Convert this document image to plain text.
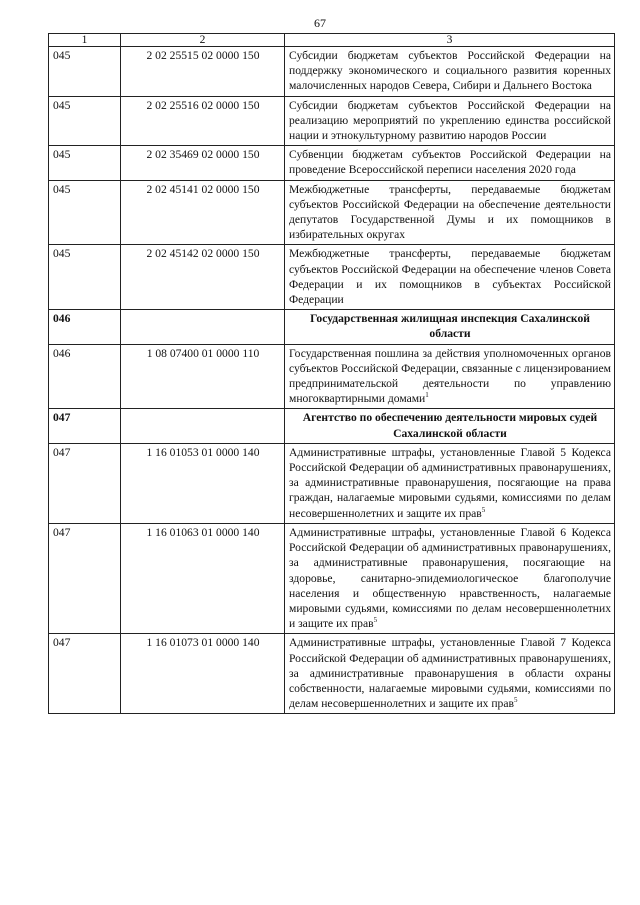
67
1	2	3
045	2 02 25515 02 0000 150	Субсидии бюджетам субъектов Российской Федерации на поддержку экономического и социального развития коренных малочисленных народов Севера, Сибири и Дальнего Востока
045	2 02 25516 02 0000 150	Субсидии бюджетам субъектов Российской Федерации на реализацию мероприятий по укреплению единства российской нации и этнокультурному развитию народов России
045	2 02 35469 02 0000 150	Субвенции бюджетам субъектов Российской Федерации на проведение Всероссийской переписи населения 2020 года
045	2 02 45141 02 0000 150	Межбюджетные трансферты, передаваемые бюджетам субъектов Российской Федерации на обеспечение деятельности депутатов Государственной Думы и их помощников в избирательных округах
045	2 02 45142 02 0000 150	Межбюджетные трансферты, передаваемые бюджетам субъектов Российской Федерации на обеспечение членов Совета Федерации и их помощников в субъектах Российской Федерации
046		Государственная жилищная инспекция Сахалинской области
046	1 08 07400 01 0000 110	Государственная пошлина за действия уполномоченных органов субъектов Российской Федерации, связанные с лицензированием предпринимательской деятельности по управлению многоквартирными домами$^1$
047		Агентство по обеспечению деятельности мировых судей Сахалинской области
047	1 16 01053 01 0000 140	Административные штрафы, установленные Главой 5 Кодекса Российской Федерации об административных правонарушениях, за административные правонарушения, посягающие на права граждан, налагаемые мировыми судьями, комиссиями по делам несовершеннолетних и защите их прав$^5$
047	1 16 01063 01 0000 140	Административные штрафы, установленные Главой 6 Кодекса Российской Федерации об административных правонарушениях, за административные правонарушения, посягающие на здоровье, санитарно-эпидемиологическое благополучие населения и общественную нравственность, налагаемые мировыми судьями, комиссиями по делам несовершеннолетних и защите их прав$^5$
047	1 16 01073 01 0000 140	Административные штрафы, установленные Главой 7 Кодекса Российской Федерации об административных правонарушениях, за административные правонарушения в области охраны собственности, налагаемые мировыми судьями, комиссиями по делам несовершеннолетних и защите их прав$^5$
